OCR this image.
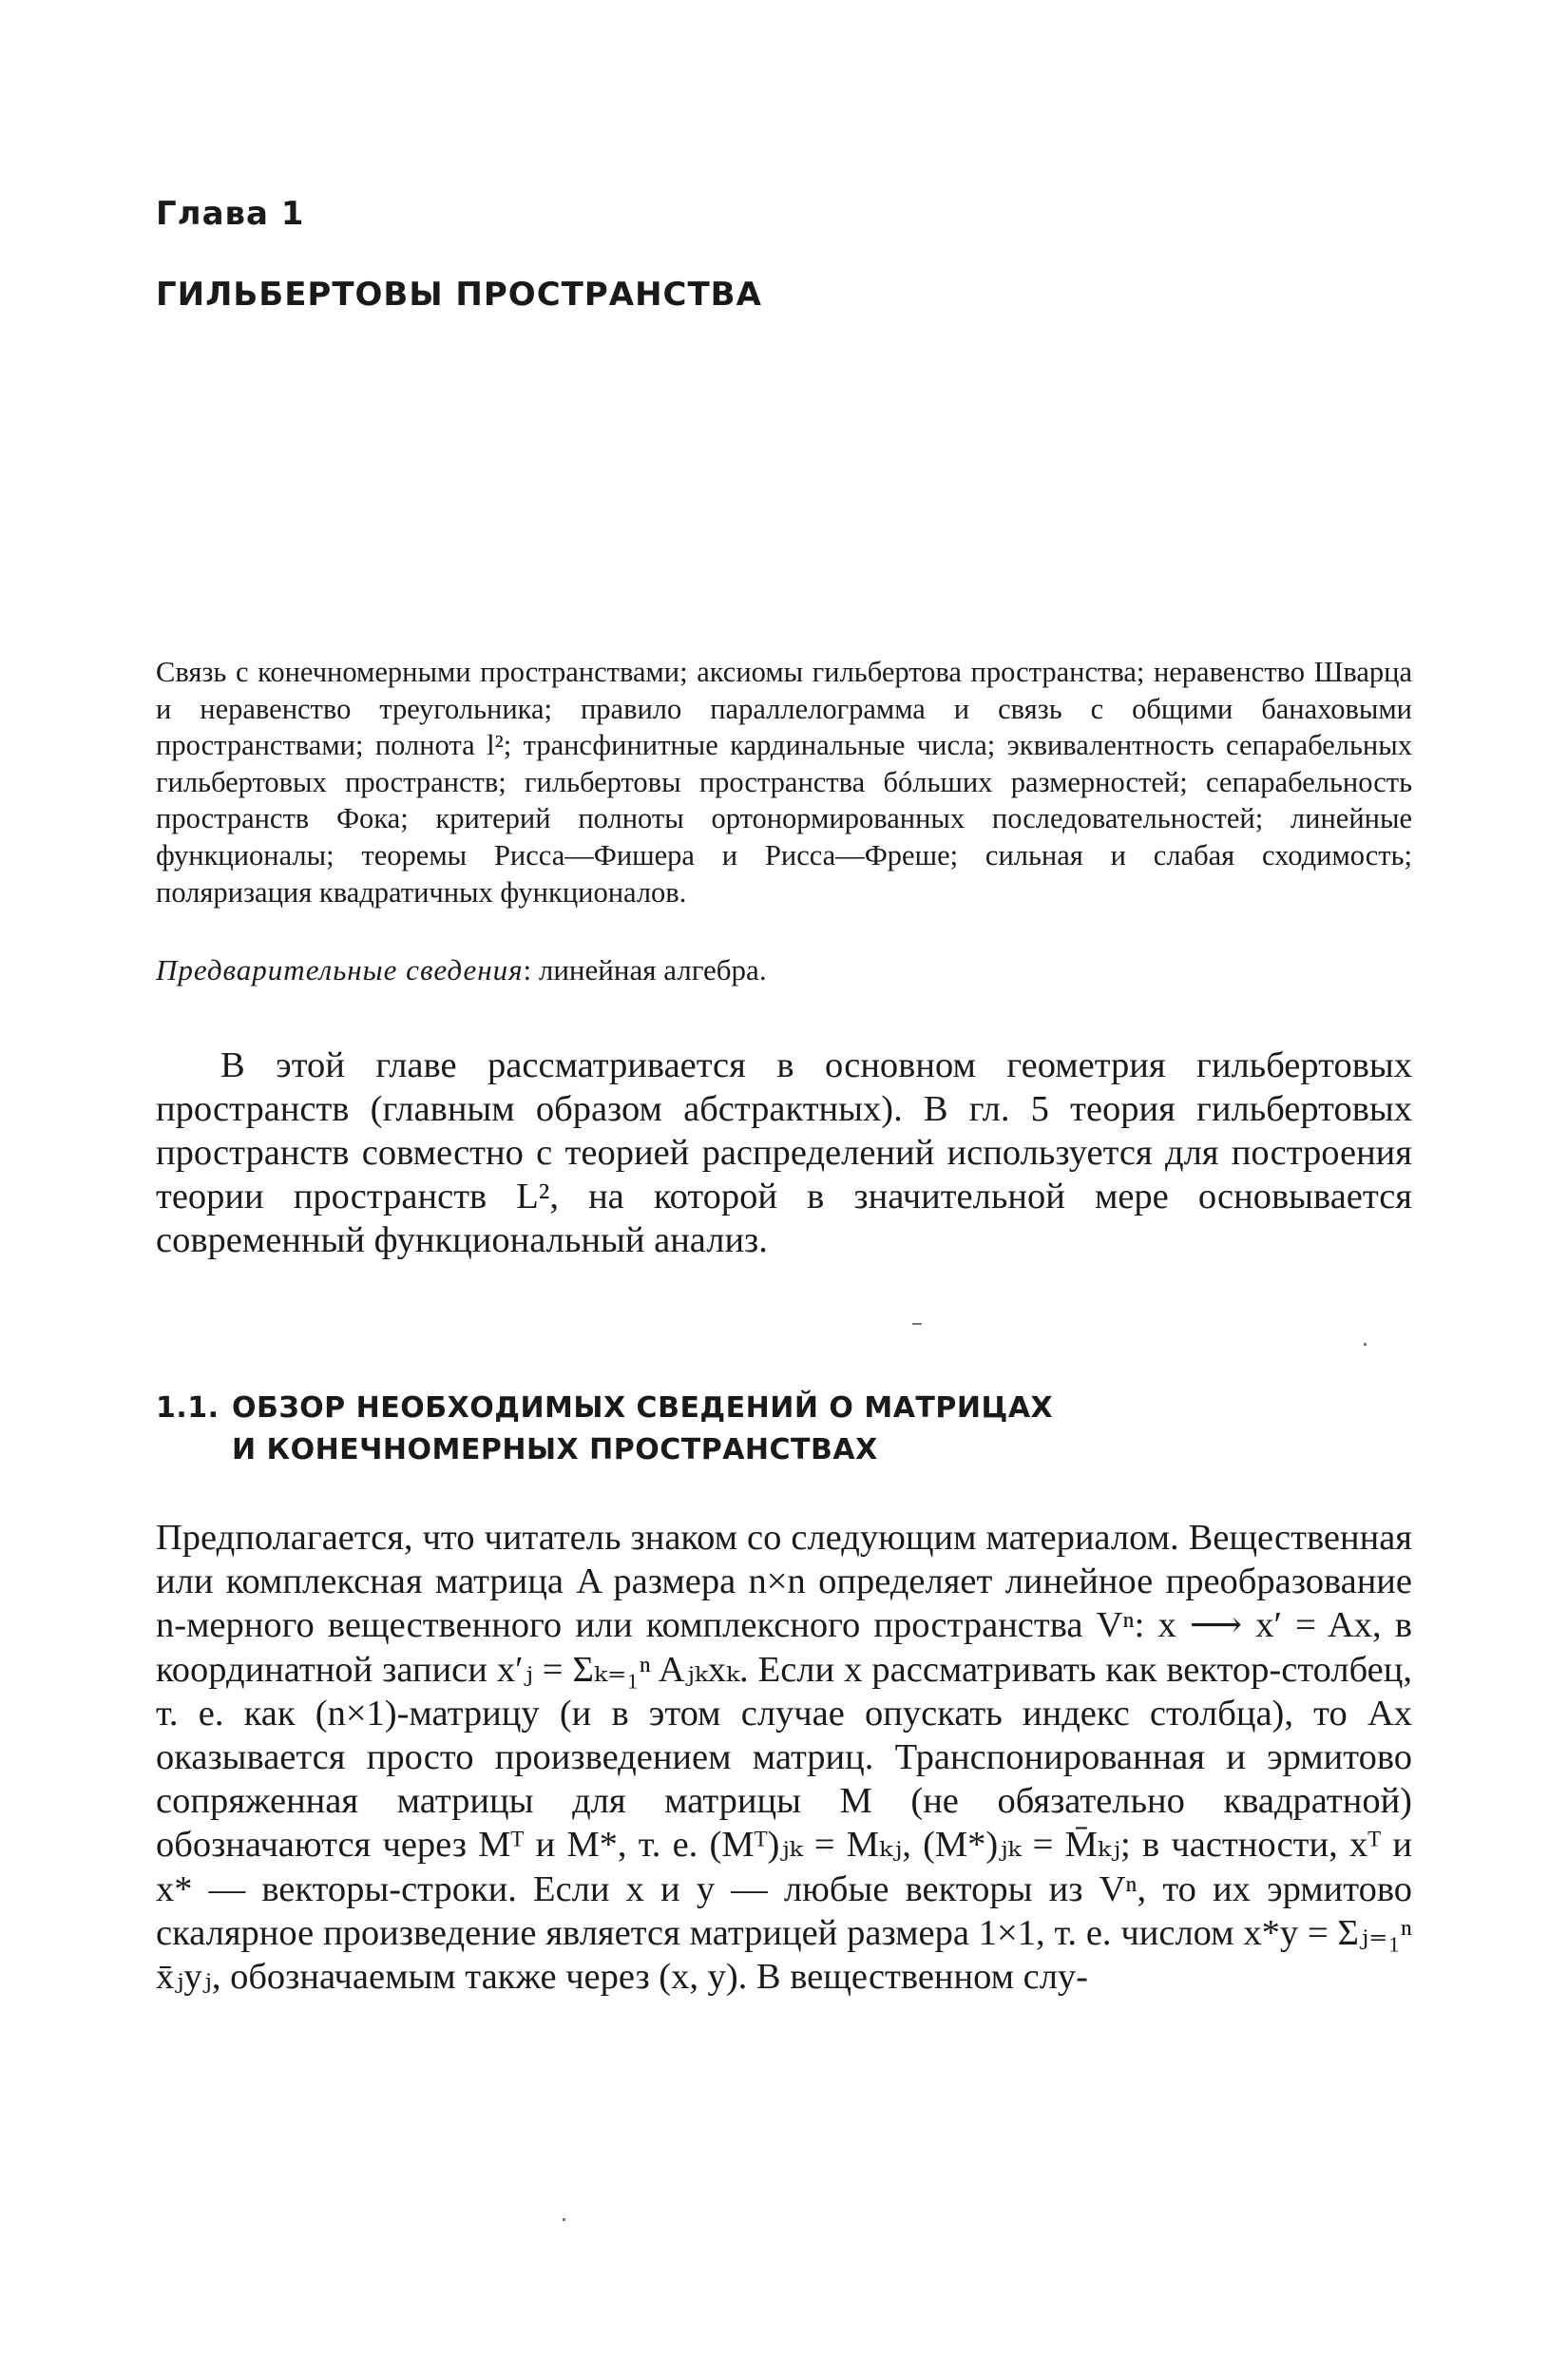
Глава 1
ГИЛЬБЕРТОВЫ ПРОСТРАНСТВА
Связь с конечномерными пространствами; аксиомы гильбертова пространства; неравенство Шварца и неравенство треугольника; правило параллелограмма и связь с общими банаховыми пространствами; полнота l²; трансфинитные кардинальные числа; эквивалентность сепарабельных гильбертовых пространств; гильбертовы пространства бóльших размерностей; сепарабельность пространств Фока; критерий полноты ортонормированных последовательностей; линейные функционалы; теоремы Рисса—Фишера и Рисса—Фреше; сильная и слабая сходимость; поляризация квадратичных функционалов.
Предварительные сведения: линейная алгебра.
В этой главе рассматривается в основном геометрия гильбертовых пространств (главным образом абстрактных). В гл. 5 теория гильбертовых пространств совместно с теорией распределений используется для построения теории пространств L², на которой в значительной мере основывается современный функциональный анализ.
1.1. ОБЗОР НЕОБХОДИМЫХ СВЕДЕНИЙ О МАТРИЦАХ
И КОНЕЧНОМЕРНЫХ ПРОСТРАНСТВАХ
Предполагается, что читатель знаком со следующим материалом. Вещественная или комплексная матрица A размера n×n определяет линейное преобразование n-мерного вещественного или комплексного пространства Vⁿ: x ⟶ x′ = Ax, в координатной записи x′ⱼ = Σₖ₌₁ⁿ Aⱼₖxₖ. Если x рассматривать как вектор-столбец, т. е. как (n×1)-матрицу (и в этом случае опускать индекс столбца), то Ax оказывается просто произведением матриц. Транспонированная и эрмитово сопряженная матрицы для матрицы M (не обязательно квадратной) обозначаются через Mᵀ и M*, т. е. (Mᵀ)ⱼₖ = Mₖⱼ, (M*)ⱼₖ = M̄ₖⱼ; в частности, xᵀ и x* — векторы-строки. Если x и y — любые векторы из Vⁿ, то их эрмитово скалярное произведение является матрицей размера 1×1, т. е. числом x*y = Σⱼ₌₁ⁿ x̄ⱼyⱼ, обозначаемым также через (x, y). В вещественном слу-
